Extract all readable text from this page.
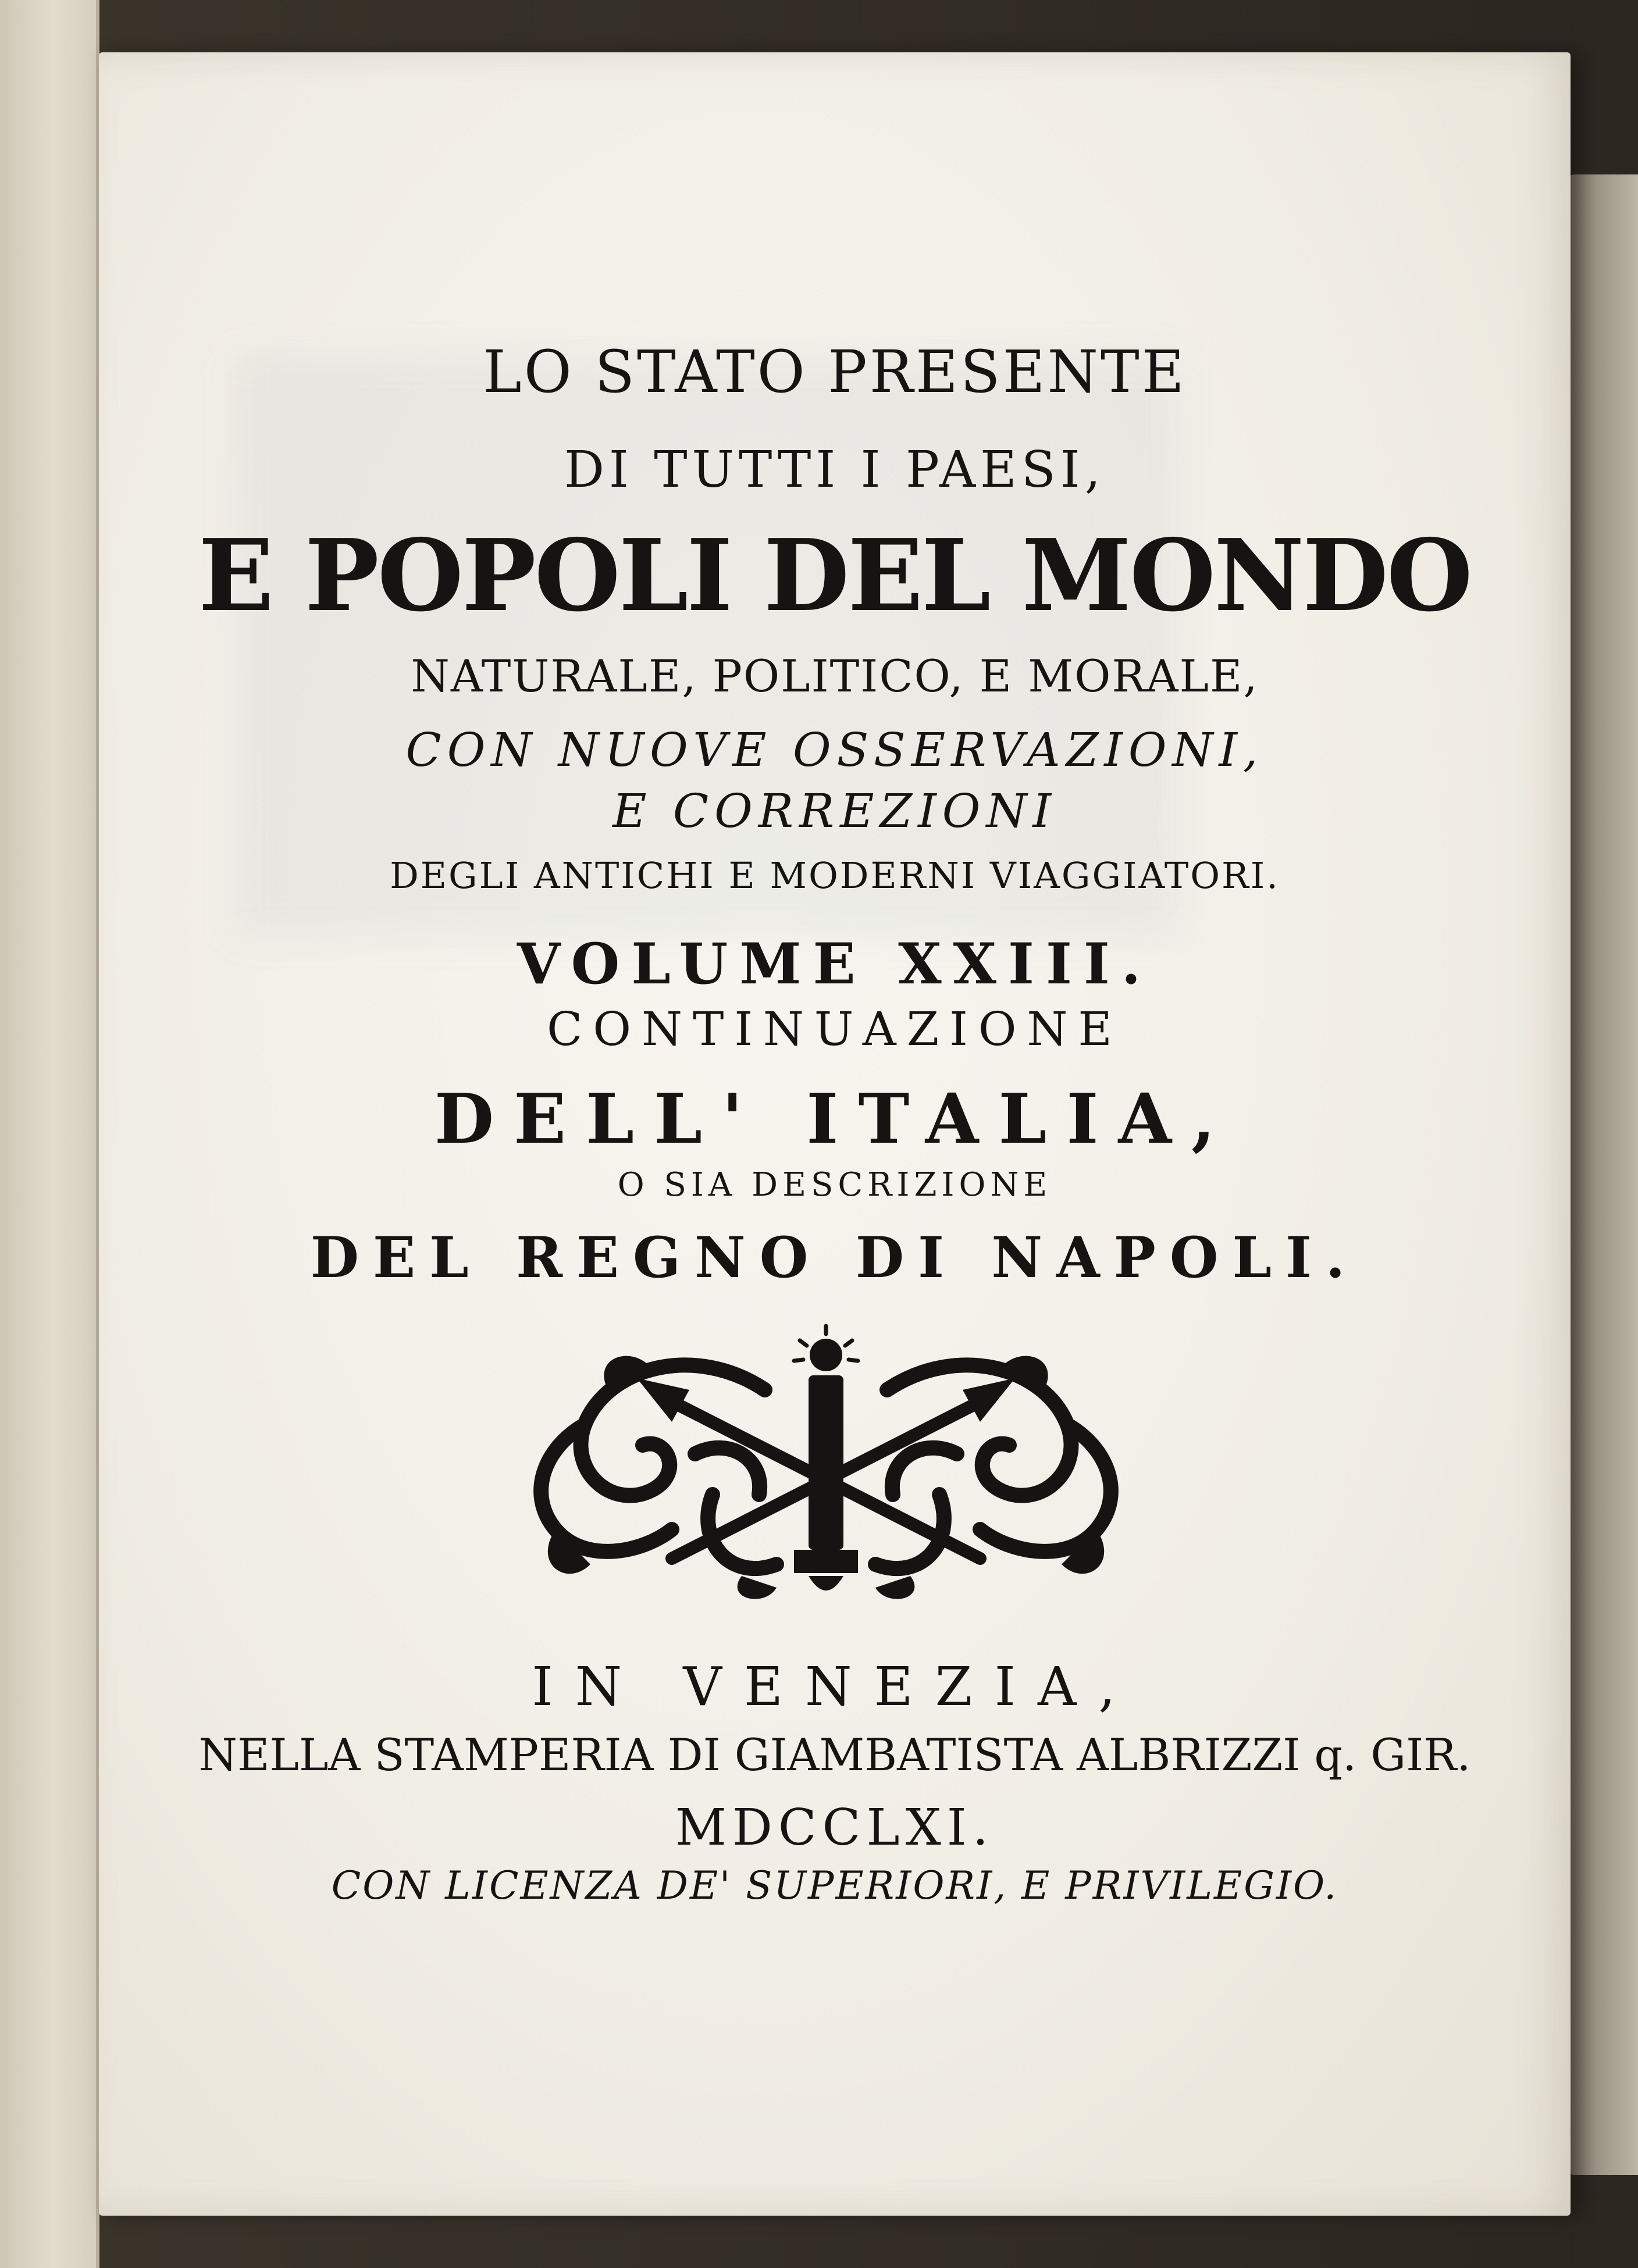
LO STATO PRESENTE
DI TUTTI I PAESI,
E POPOLI DEL MONDO
NATURALE, POLITICO, E MORALE,
CON NUOVE OSSERVAZIONI,
E CORREZIONI
DEGLI ANTICHI E MODERNI VIAGGIATORI.
VOLUME XXIII.
CONTINUAZIONE
DELL' ITALIA,
O SIA DESCRIZIONE
DEL REGNO DI NAPOLI.
IN VENEZIA,
NELLA STAMPERIA DI GIAMBATISTA ALBRIZZI q. GIR.
MDCCLXI.
CON LICENZA DE' SUPERIORI, E PRIVILEGIO.
